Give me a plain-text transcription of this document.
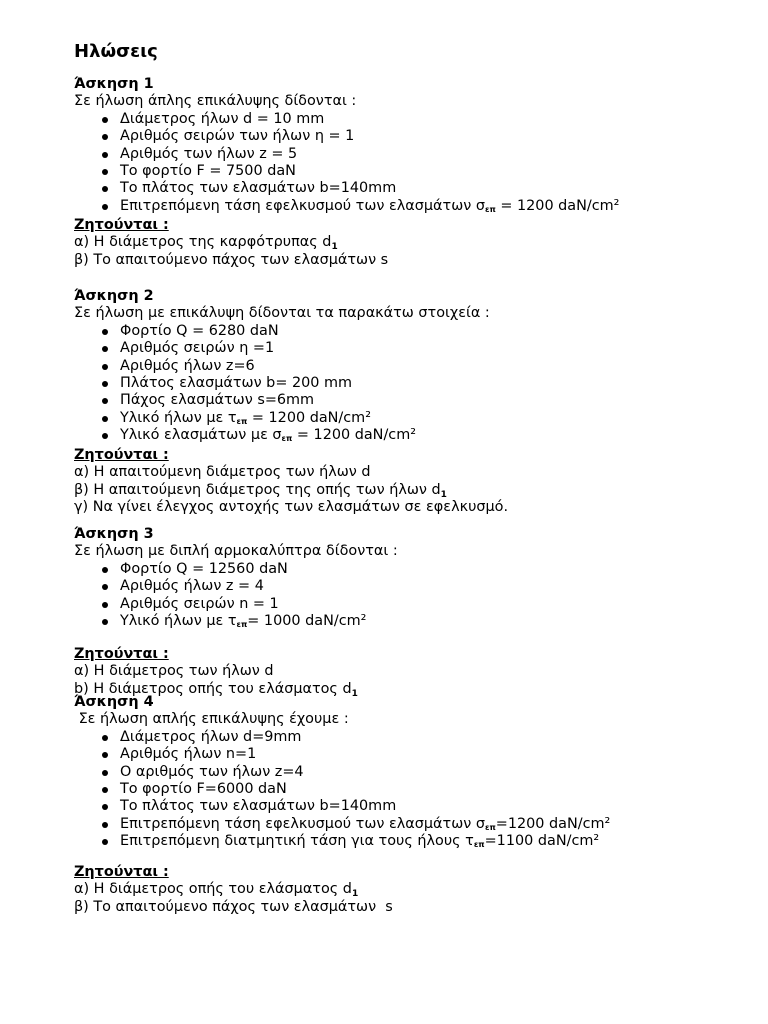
Ηλώσεις
Άσκηση 1
Σε ήλωση άπλης επικάλυψης δίδονται :
Διάμετρος ήλων d = 10 mm
Αριθμός σειρών των ήλων η = 1
Αριθμός των ήλων z = 5
Το φορτίο F = 7500 daN
Το πλάτος των ελασμάτων b=140mm
Επιτρεπόμενη τάση εφελκυσμού των ελασμάτων $\sigma_{\varepsilon\pi} = 1200$ daN/cm²
Ζητούνται :
α) Η διάμετρος της καρφότρυπας $d_1$
β) Το απαιτούμενο πάχος των ελασμάτων s
Άσκηση 2
Σε ήλωση με επικάλυψη δίδονται τα παρακάτω στοιχεία :
Φορτίο Q = 6280 daN
Αριθμός σειρών η =1
Αριθμός ήλων z=6
Πλάτος ελασμάτων b= 200 mm
Πάχος ελασμάτων s=6mm
Υλικό ήλων με $\tau_{\varepsilon\pi} = 1200$ daN/cm²
Υλικό ελασμάτων με $\sigma_{\varepsilon\pi} = 1200$ daN/cm²
Ζητούνται :
α) Η απαιτούμενη διάμετρος των ήλων d
β) Η απαιτούμενη διάμετρος της οπής των ήλων $d_1$
γ) Να γίνει έλεγχος αντοχής των ελασμάτων σε εφελκυσμό.
Άσκηση 3
Σε ήλωση με διπλή αρμοκαλύπτρα δίδονται :
Φορτίο Q = 12560 daN
Αριθμός ήλων z = 4
Αριθμός σειρών n = 1
Υλικό ήλων με $\tau_{\varepsilon\pi}= 1000$ daN/cm²
Ζητούνται :
α) Η διάμετρος των ήλων d
b) Η διάμετρος οπής του ελάσματος $d_1$
Άσκηση 4
Σε ήλωση απλής επικάλυψης έχουμε :
Διάμετρος ήλων d=9mm
Αριθμός ήλων n=1
Ο αριθμός των ήλων z=4
Το φορτίο F=6000 daN
Το πλάτος των ελασμάτων b=140mm
Επιτρεπόμενη τάση εφελκυσμού των ελασμάτων $\sigma_{\varepsilon\pi}=1200$ daN/cm²
Επιτρεπόμενη διατμητική τάση για τους ήλους $\tau_{\varepsilon\pi}=1100$ daN/cm²
Ζητούνται :
α) Η διάμετρος οπής του ελάσματος $d_1$
β) Το απαιτούμενο πάχος των ελασμάτων  s
